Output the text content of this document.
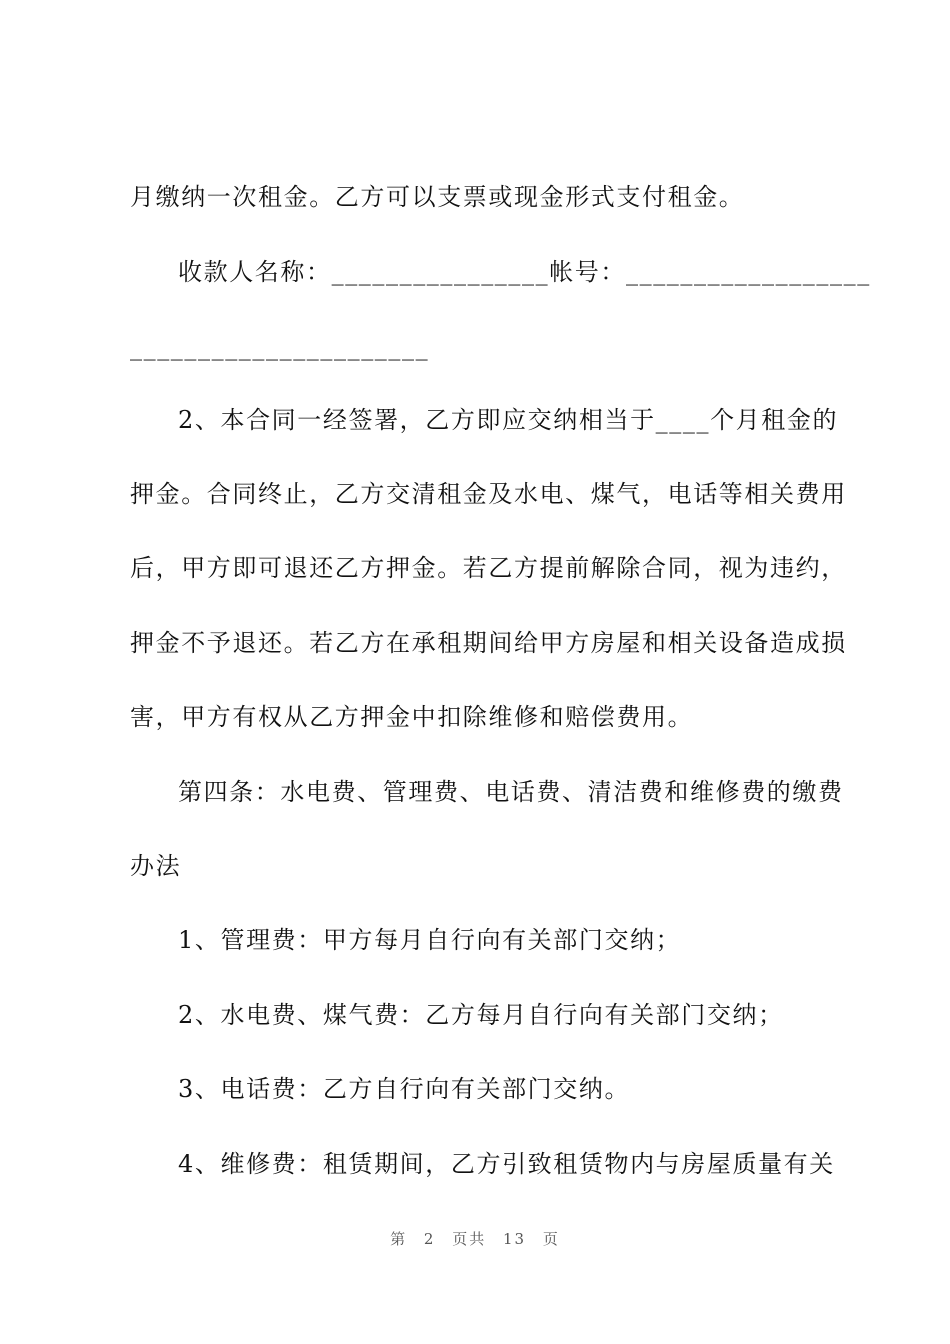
月缴纳一次租金。乙方可以支票或现金形式支付租金。
收款人名称：________________帐号：__________________
______________________
2、本合同一经签署，乙方即应交纳相当于____个月租金的
押金。合同终止，乙方交清租金及水电、煤气，电话等相关费用
后，甲方即可退还乙方押金。若乙方提前解除合同，视为违约，
押金不予退还。若乙方在承租期间给甲方房屋和相关设备造成损
害，甲方有权从乙方押金中扣除维修和赔偿费用。
第四条：水电费、管理费、电话费、清洁费和维修费的缴费
办法
1、管理费：甲方每月自行向有关部门交纳；
2、水电费、煤气费：乙方每月自行向有关部门交纳；
3、电话费：乙方自行向有关部门交纳。
4、维修费：租赁期间，乙方引致租赁物内与房屋质量有关
第 2 页共 13 页
